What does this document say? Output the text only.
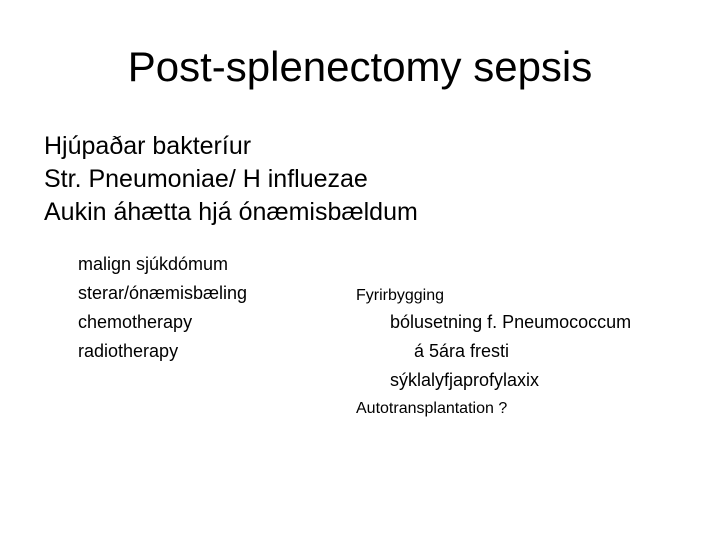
Post-splenectomy sepsis
Hjúpaðar bakteríur
Str. Pneumoniae/ H influezae
Aukin áhætta hjá ónæmisbældum
malign sjúkdómum
sterar/ónæmisbæling
chemotherapy
radiotherapy
Fyrirbygging
bólusetning f. Pneumococcum
á 5ára fresti
sýklalyfjaprofylaxix
Autotransplantation ?
